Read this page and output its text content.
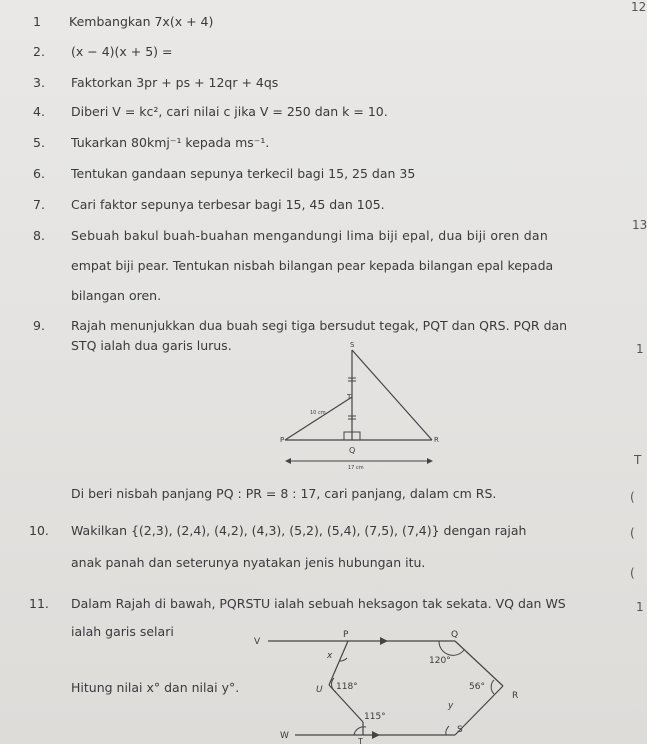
12
13
1
T
(
(
(
1
1 Kembangkan 7x(x + 4)
2. (x − 4)(x + 5) =
3. Faktorkan 3pr + ps + 12qr + 4qs
4. Diberi V = kc², cari nilai c jika V = 250 dan k = 10.
5. Tukarkan 80kmj⁻¹ kepada ms⁻¹.
6. Tentukan gandaan sepunya terkecil bagi 15, 25 dan 35
7. Cari faktor sepunya terbesar bagi 15, 45 dan 105.
8. Sebuah bakul buah-buahan mengandungi lima biji epal, dua biji oren dan
empat biji pear. Tentukan nisbah bilangan pear kepada bilangan epal kepada
bilangan oren.
9. Rajah menunjukkan dua buah segi tiga bersudut tegak, PQT dan QRS. PQR dan
STQ ialah dua garis lurus.	S
T
P
Q
R
10 cm
17 cm
Di beri nisbah panjang PQ : PR = 8 : 17, cari panjang, dalam cm RS.
10. Wakilkan {(2,3), (2,4), (4,2), (4,3), (5,2), (5,4), (7,5), (7,4)} dengan rajah
anak panah dan seterunya nyatakan jenis hubungan itu.
11. Dalam Rajah di bawah, PQRSTU ialah sebuah heksagon tak sekata. VQ dan WS
ialah garis selari
Hitung nilai x° dan nilai y°.
V
P	Q
x	120°
U 118°	56°
R
y
115°
W
T
S
